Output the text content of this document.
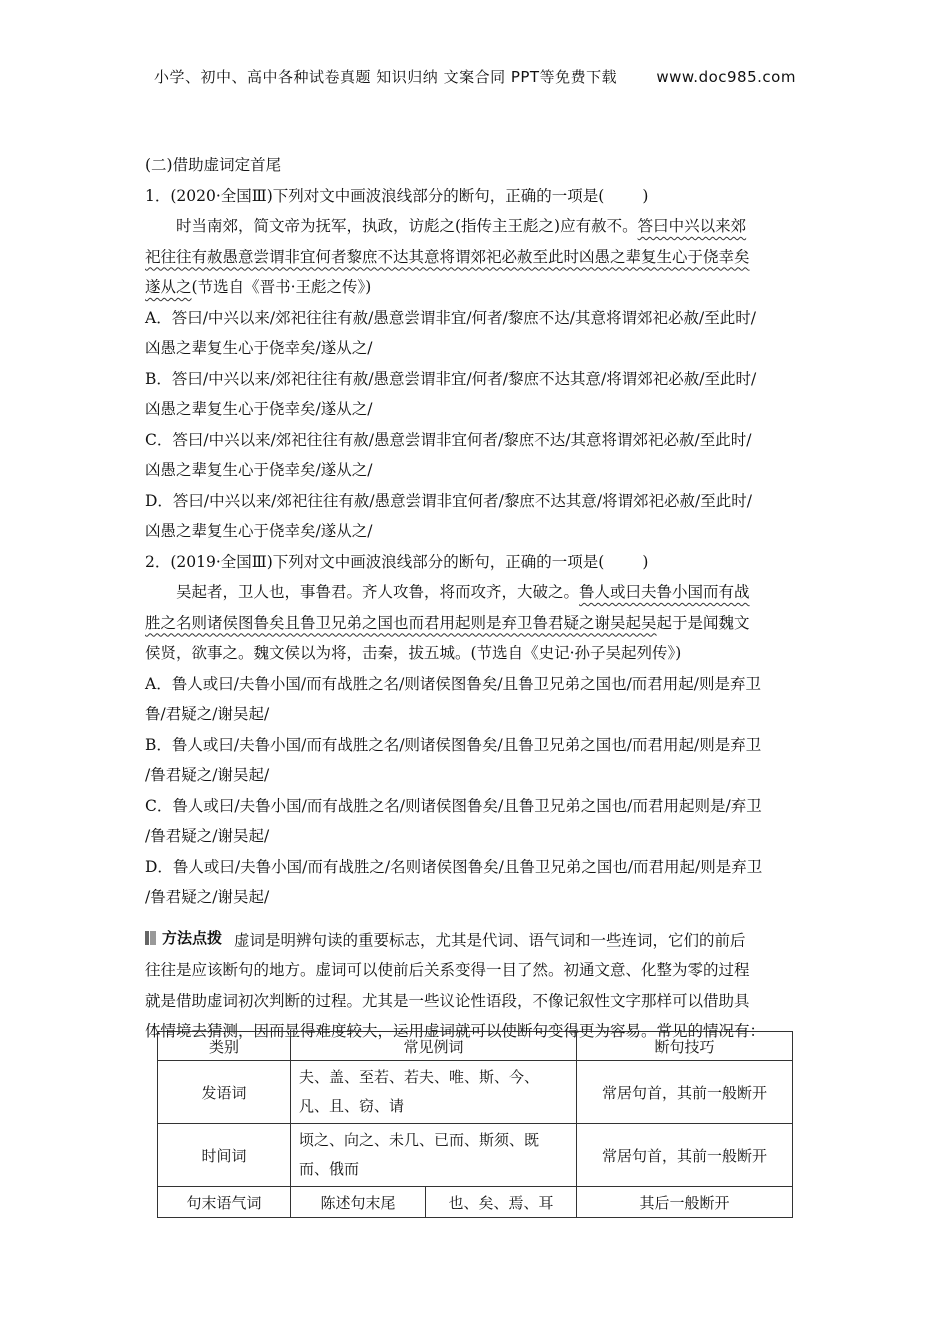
小学、初中、高中各种试卷真题 知识归纳 文案合同 PPT等免费下载	www.doc985.com
(二)借助虚词定首尾
1．(2020·全国Ⅲ)下列对文中画波浪线部分的断句，正确的一项是( )
时当南郊，简文帝为抚军，执政，访彪之(指传主王彪之)应有赦不。答曰中兴以来郊
祀往往有赦愚意尝谓非宜何者黎庶不达其意将谓郊祀必赦至此时凶愚之辈复生心于侥幸矣
遂从之(节选自《晋书·王彪之传》)
A．答曰/中兴以来/郊祀往往有赦/愚意尝谓非宜/何者/黎庶不达/其意将谓郊祀必赦/至此时/
凶愚之辈复生心于侥幸矣/遂从之/
B．答曰/中兴以来/郊祀往往有赦/愚意尝谓非宜/何者/黎庶不达其意/将谓郊祀必赦/至此时/
凶愚之辈复生心于侥幸矣/遂从之/
C．答曰/中兴以来/郊祀往往有赦/愚意尝谓非宜何者/黎庶不达/其意将谓郊祀必赦/至此时/
凶愚之辈复生心于侥幸矣/遂从之/
D．答曰/中兴以来/郊祀往往有赦/愚意尝谓非宜何者/黎庶不达其意/将谓郊祀必赦/至此时/
凶愚之辈复生心于侥幸矣/遂从之/
2．(2019·全国Ⅲ)下列对文中画波浪线部分的断句，正确的一项是( )
吴起者，卫人也，事鲁君。齐人攻鲁，将而攻齐，大破之。鲁人或曰夫鲁小国而有战
胜之名则诸侯图鲁矣且鲁卫兄弟之国也而君用起则是弃卫鲁君疑之谢吴起吴起于是闻魏文
侯贤，欲事之。魏文侯以为将，击秦，拔五城。(节选自《史记·孙子吴起列传》)
A．鲁人或曰/夫鲁小国/而有战胜之名/则诸侯图鲁矣/且鲁卫兄弟之国也/而君用起/则是弃卫
鲁/君疑之/谢吴起/
B．鲁人或曰/夫鲁小国/而有战胜之名/则诸侯图鲁矣/且鲁卫兄弟之国也/而君用起/则是弃卫
/鲁君疑之/谢吴起/
C．鲁人或曰/夫鲁小国/而有战胜之名/则诸侯图鲁矣/且鲁卫兄弟之国也/而君用起则是/弃卫
/鲁君疑之/谢吴起/
D．鲁人或曰/夫鲁小国/而有战胜之/名则诸侯图鲁矣/且鲁卫兄弟之国也/而君用起/则是弃卫
/鲁君疑之/谢吴起/
方法点拨 虚词是明辨句读的重要标志，尤其是代词、语气词和一些连词，它们的前后
往往是应该断句的地方。虚词可以使前后关系变得一目了然。初通文意、化整为零的过程
就是借助虚词初次判断的过程。尤其是一些议论性语段，不像记叙性文字那样可以借助具
体情境去猜测，因而显得难度较大，运用虚词就可以使断句变得更为容易。常见的情况有：
类别	常见例词		断句技巧
发语词	夫、盖、至若、若夫、唯、斯、今、
凡、且、窃、请		常居句首，其前一般断开
时间词	顷之、向之、未几、已而、斯须、既
而、俄而		常居句首，其前一般断开
句末语气词	陈述句末尾	也、矣、焉、耳	其后一般断开
